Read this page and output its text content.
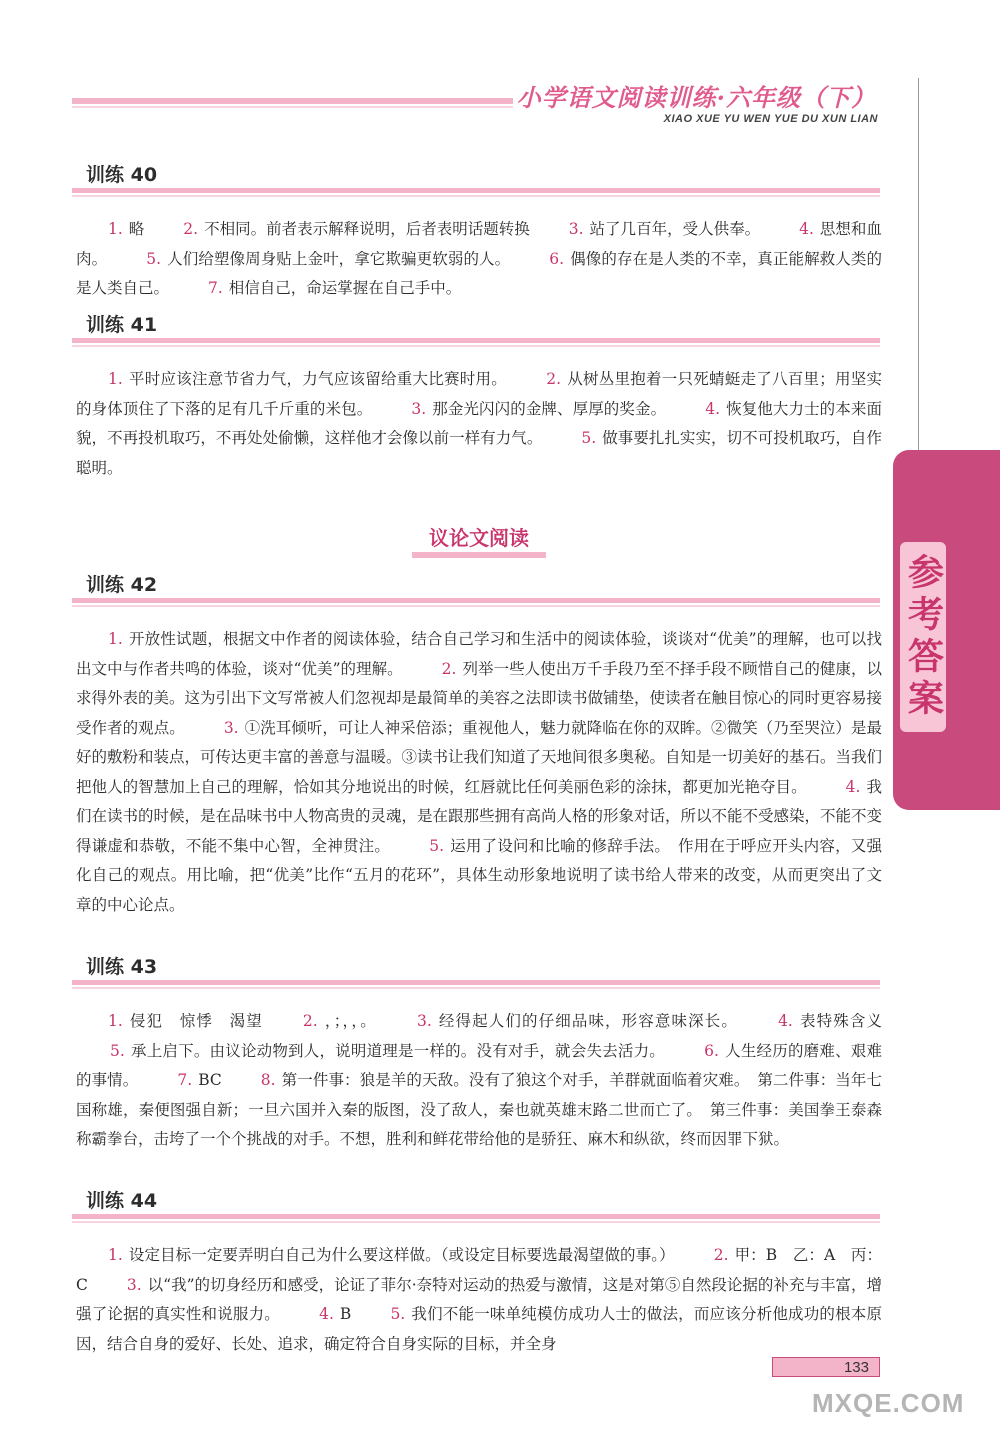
小学语文阅读训练·六年级（下）
XIAO XUE YU WEN YUE DU XUN LIAN
参考答案
训练 40
1. 略	2. 不相同。前者表示解释说明，后者表明话题转换	3. 站了几百年，受人供奉。	4. 思想和血肉。	5. 人们给塑像周身贴上金叶，拿它欺骗更软弱的人。	6. 偶像的存在是人类的不幸，真正能解救人类的是人类自己。	7. 相信自己，命运掌握在自己手中。
训练 41
1. 平时应该注意节省力气，力气应该留给重大比赛时用。	2. 从树丛里抱着一只死蜻蜓走了八百里；用坚实的身体顶住了下落的足有几千斤重的米包。	3. 那金光闪闪的金牌、厚厚的奖金。	4. 恢复他大力士的本来面貌，不再投机取巧，不再处处偷懒，这样他才会像以前一样有力气。	5. 做事要扎扎实实，切不可投机取巧，自作聪明。
议论文阅读
训练 42
1. 开放性试题，根据文中作者的阅读体验，结合自己学习和生活中的阅读体验，谈谈对“优美”的理解，也可以找出文中与作者共鸣的体验，谈对“优美”的理解。	2. 列举一些人使出万千手段乃至不择手段不顾惜自己的健康，以求得外表的美。这为引出下文写常被人们忽视却是最简单的美容之法即读书做铺垫，使读者在触目惊心的同时更容易接受作者的观点。	3. ①洗耳倾听，可让人神采倍添；重视他人，魅力就降临在你的双眸。②微笑（乃至哭泣）是最好的敷粉和装点，可传达更丰富的善意与温暖。③读书让我们知道了天地间很多奥秘。自知是一切美好的基石。当我们把他人的智慧加上自己的理解，恰如其分地说出的时候，红唇就比任何美丽色彩的涂抹，都更加光艳夺目。	4. 我们在读书的时候，是在品味书中人物高贵的灵魂，是在跟那些拥有高尚人格的形象对话，所以不能不受感染，不能不变得谦虚和恭敬，不能不集中心智，全神贯注。	5. 运用了设问和比喻的修辞手法。　作用在于呼应开头内容，又强化自己的观点。用比喻，把“优美”比作“五月的花环”，具体生动形象地说明了读书给人带来的改变，从而更突出了文章的中心论点。
训练 43
1. 侵犯　惊悸　渴望	2. ，；，，。	3. 经得起人们的仔细品味，形容意味深长。	4. 表特殊含义 5. 承上启下。由议论动物到人，说明道理是一样的。没有对手，就会失去活力。	6. 人生经历的磨难、艰难的事情。	7. BC	8. 第一件事：狼是羊的天敌。没有了狼这个对手，羊群就面临着灾难。　第二件事：当年七国称雄，秦便图强自新；一旦六国并入秦的版图，没了敌人，秦也就英雄末路二世而亡了。　第三件事：美国拳王泰森称霸拳台，击垮了一个个挑战的对手。不想，胜利和鲜花带给他的是骄狂、麻木和纵欲，终而因罪下狱。
训练 44
1. 设定目标一定要弄明白自己为什么要这样做。（或设定目标要选最渴望做的事。）	2. 甲：B　乙：A　丙：C	3. 以“我”的切身经历和感受，论证了菲尔·奈特对运动的热爱与激情，这是对第⑤自然段论据的补充与丰富，增强了论据的真实性和说服力。	4. B	5. 我们不能一味单纯模仿成功人士的做法，而应该分析他成功的根本原因，结合自身的爱好、长处、追求，确定符合自身实际的目标，并全身
133
MXQE.COM
